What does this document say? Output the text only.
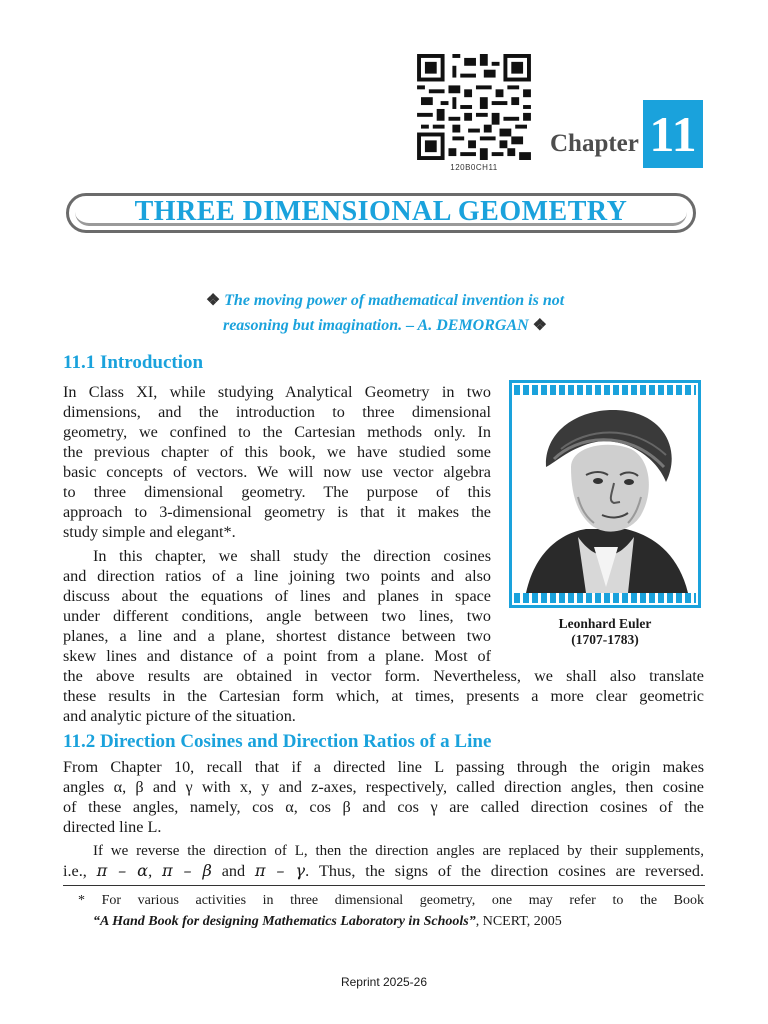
120B0CH11
Chapter 11
THREE DIMENSIONAL GEOMETRY
❖ The moving power of mathematical invention is not
reasoning but imagination. – A. DEMORGAN ❖
11.1 Introduction
In Class XI, while studying Analytical Geometry in two
dimensions, and the introduction to three dimensional
geometry, we confined to the Cartesian methods only. In
the previous chapter of this book, we have studied some
basic concepts of vectors. We will now use vector algebra
to three dimensional geometry. The purpose of this
approach to 3-dimensional geometry is that it makes the
study simple and elegant*.
In this chapter, we shall study the direction cosines
and direction ratios of a line joining two points and also
discuss about the equations of lines and planes in space
under different conditions, angle between two lines, two
planes, a line and a plane, shortest distance between two
skew lines and distance of a point from a plane. Most of
the above results are obtained in vector form. Nevertheless, we shall also translate
these results in the Cartesian form which, at times, presents a more clear geometric
and analytic picture of the situation.
Leonhard Euler
(1707-1783)
11.2 Direction Cosines and Direction Ratios of a Line
From Chapter 10, recall that if a directed line L passing through the origin makes
angles α, β and γ with x, y and z-axes, respectively, called direction angles, then cosine
of these angles, namely, cos α, cos β and cos γ are called direction cosines of the
directed line L.
If we reverse the direction of L, then the direction angles are replaced by their supplements,
i.e., π – α, π – β and π – γ. Thus, the signs of the direction cosines are reversed.
* For various activities in three dimensional geometry, one may refer to the Book
“A Hand Book for designing Mathematics Laboratory in Schools”, NCERT, 2005
Reprint 2025-26
